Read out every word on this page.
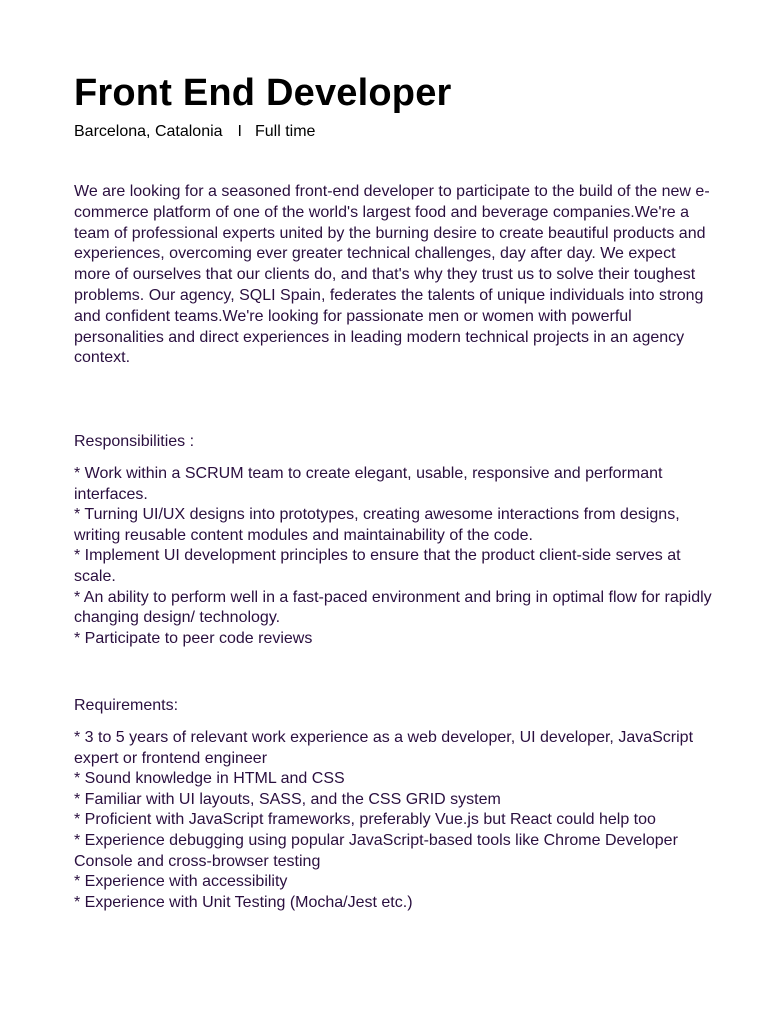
Front End Developer
Barcelona, Catalonia I Full time

We are looking for a seasoned front-end developer to participate to the build of the new e-commerce platform of one of the world's largest food and beverage companies.We're a team of professional experts united by the burning desire to create beautiful products and experiences, overcoming ever greater technical challenges, day after day. We expect more of ourselves that our clients do, and that's why they trust us to solve their toughest problems. Our agency, SQLI Spain, federates the talents of unique individuals into strong and confident teams.We're looking for passionate men or women with powerful personalities and direct experiences in leading modern technical projects in an agency context.

Responsibilities :
* Work within a SCRUM team to create elegant, usable, responsive and performant interfaces.
* Turning UI/UX designs into prototypes, creating awesome interactions from designs, writing reusable content modules and maintainability of the code.
* Implement UI development principles to ensure that the product client-side serves at scale.
* An ability to perform well in a fast-paced environment and bring in optimal flow for rapidly changing design/ technology.
* Participate to peer code reviews
Requirements:
* 3 to 5 years of relevant work experience as a web developer, UI developer, JavaScript expert or frontend engineer
* Sound knowledge in HTML and CSS
* Familiar with UI layouts, SASS, and the CSS GRID system
* Proficient with JavaScript frameworks, preferably Vue.js but React could help too
* Experience debugging using popular JavaScript-based tools like Chrome Developer Console and cross-browser testing
* Experience with accessibility
* Experience with Unit Testing (Mocha/Jest etc.)
